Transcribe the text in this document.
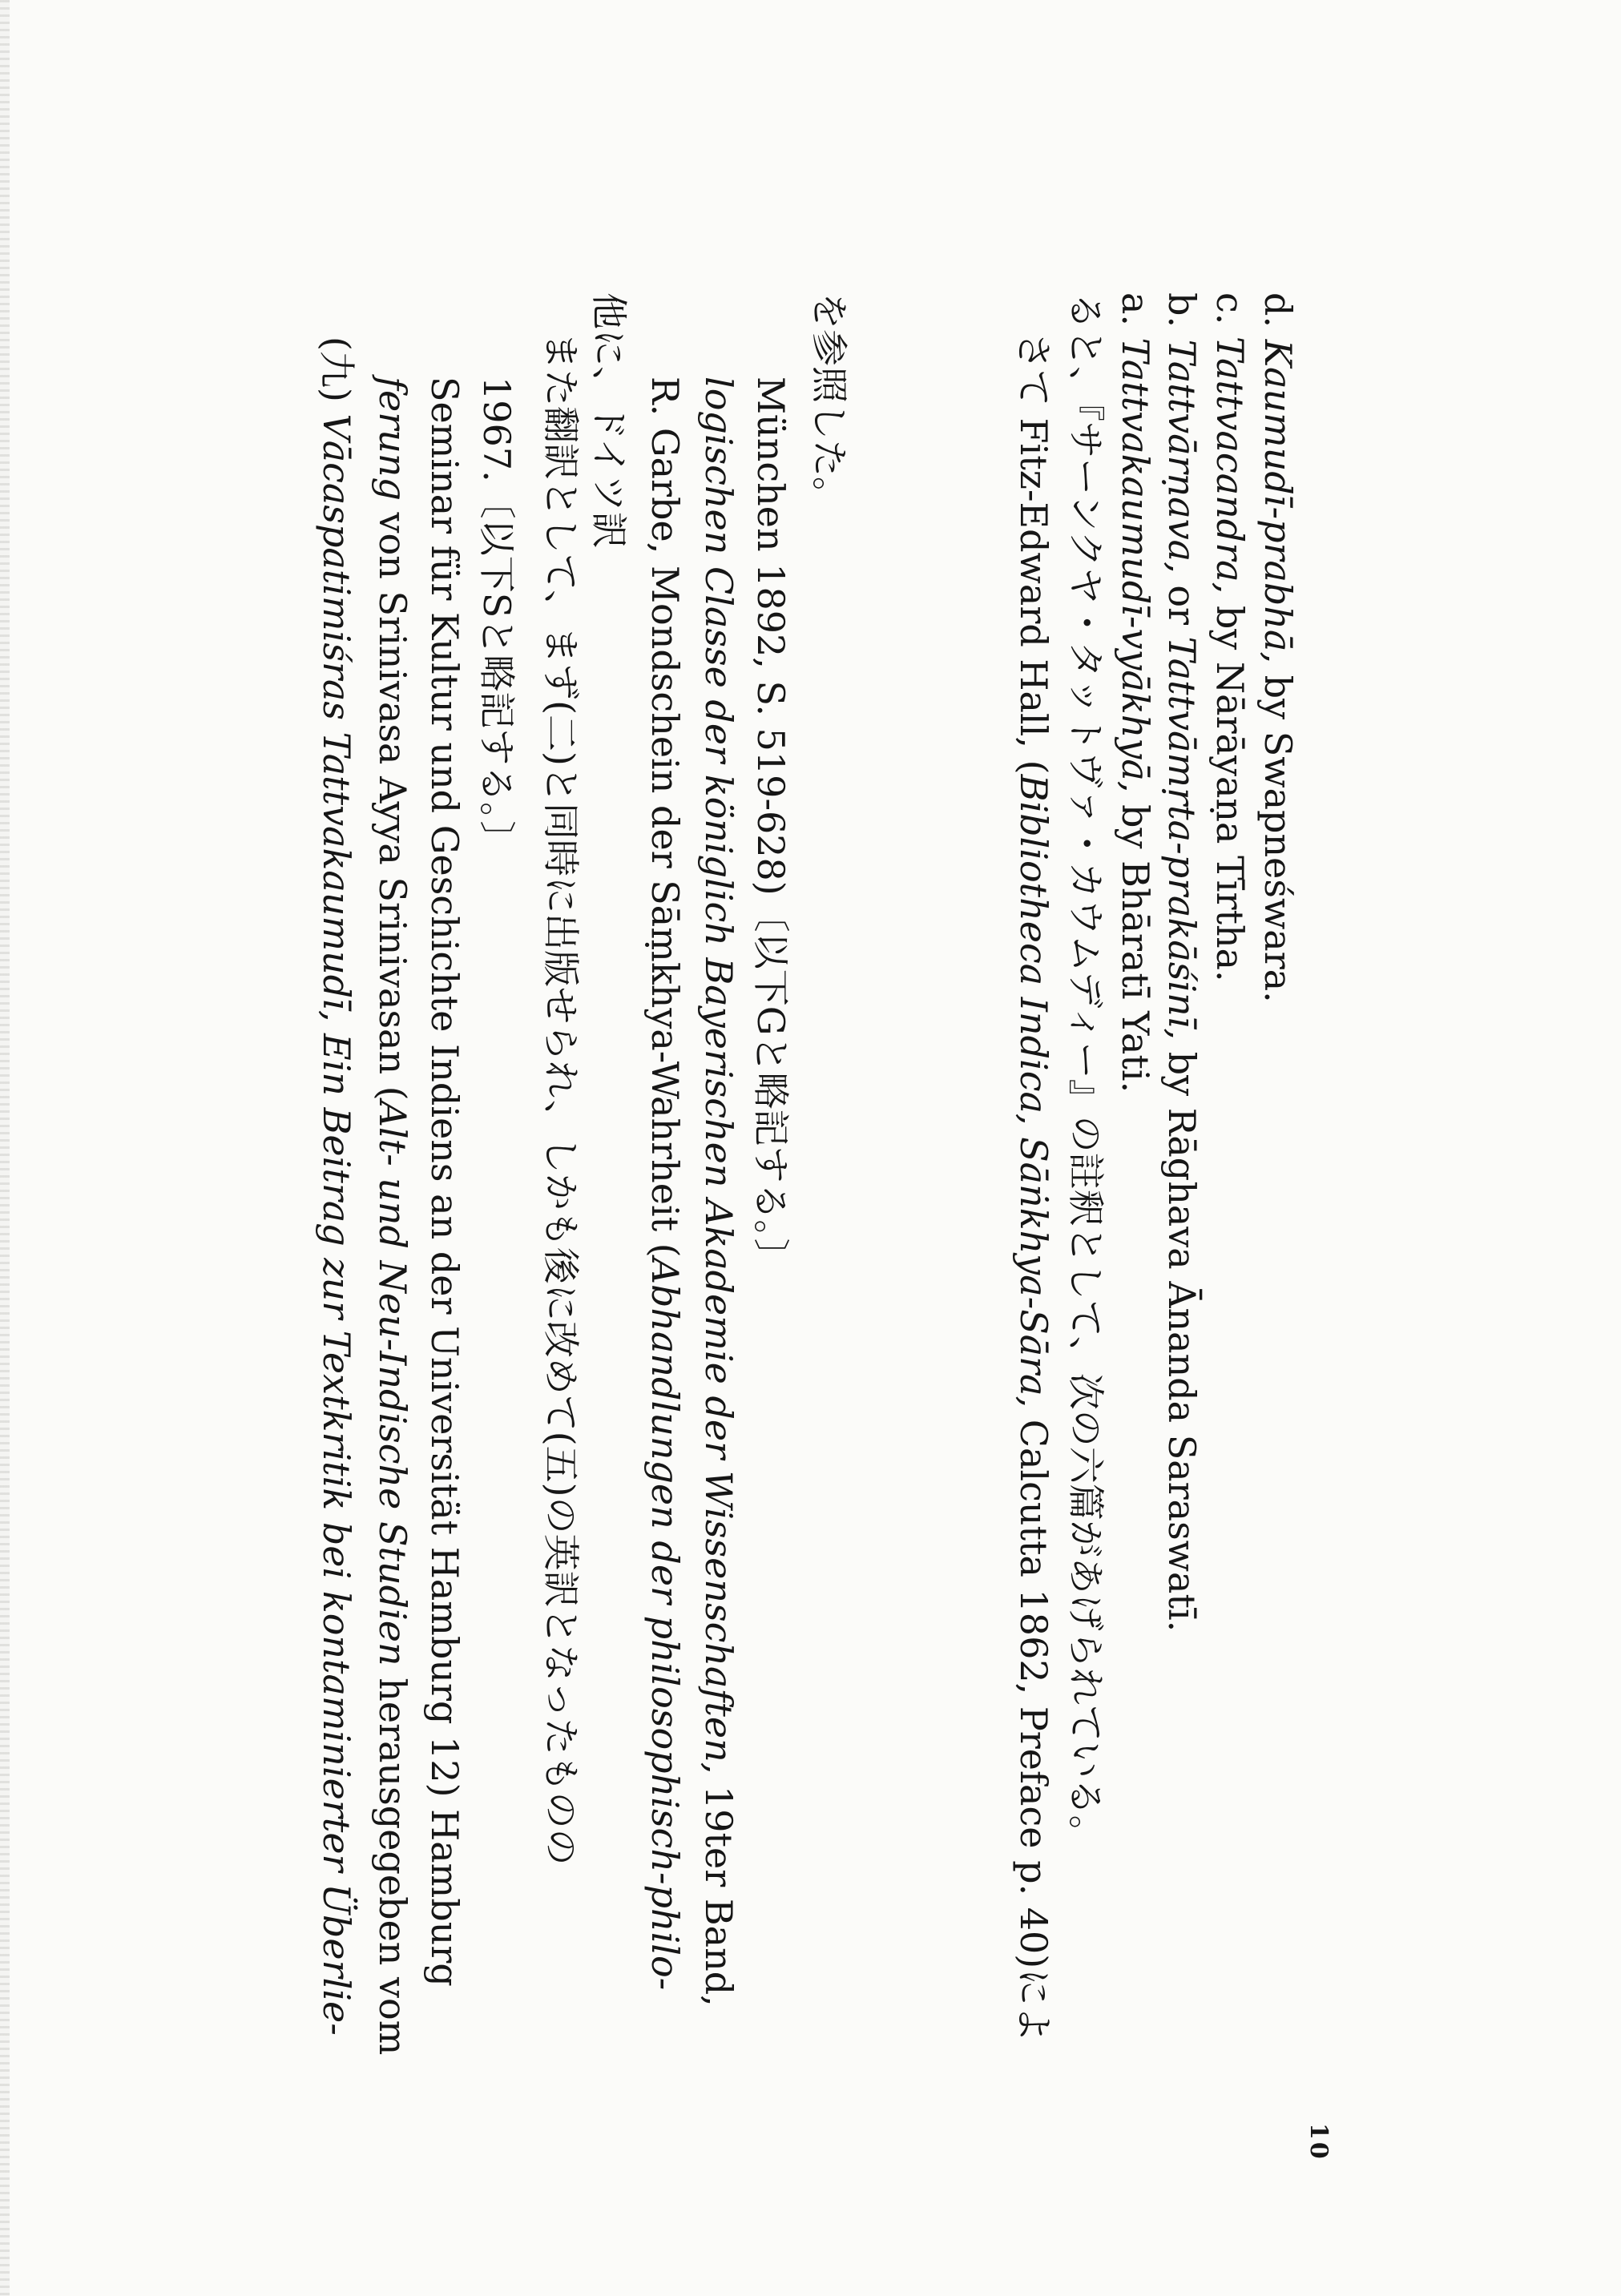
10
(九) Vācaspatimiśras Tattvakaumudī, Ein Beitrag zur Textkritik bei kontaminierter Überlie- ferung von Srinivasa Ayya Srinivasan (Alt- und Neu-Indische Studien herausgegeben vom Seminar für Kultur und Geschichte Indiens an der Universität Hamburg 12) Hamburg 1967.〔以下Sと略記する。〕 また翻訳として、まず(二)と同時に出版せられ、しかも後に改めて(五)の英訳となったものの 他に、ドイツ訳 R. Garbe, Mondschein der Sāṃkhya-Wahrheit (Abhandlungen der philosophisch-philo- logischen Classe der königlich Bayerischen Akademie der Wissenschaften, 19ter Band,
München 1892, S. 519-628)〔以下Gと略記する。〕 を参照した。	さて Fitz-Edward Hall, (Bibliotheca Indica, Sāṅkhya-Sāra, Calcutta 1862, Preface p. 40)によ ると、『サーンクヤ・タットヴァ・カウムディー』の註釈として、次の六篇があげられている。 a. Tattvakaumudī-vyākhyā, by Bhāratī Yati.
b. Tattvārṇava, or Tattvāmṛta-prakāśinī, by Rāghava Ānanda Saraswatī.
c. Tattvacandra, by Nārāyaṇa Tīrtha.
d. Kaumudī-prabhā, by Swapneśwara.
